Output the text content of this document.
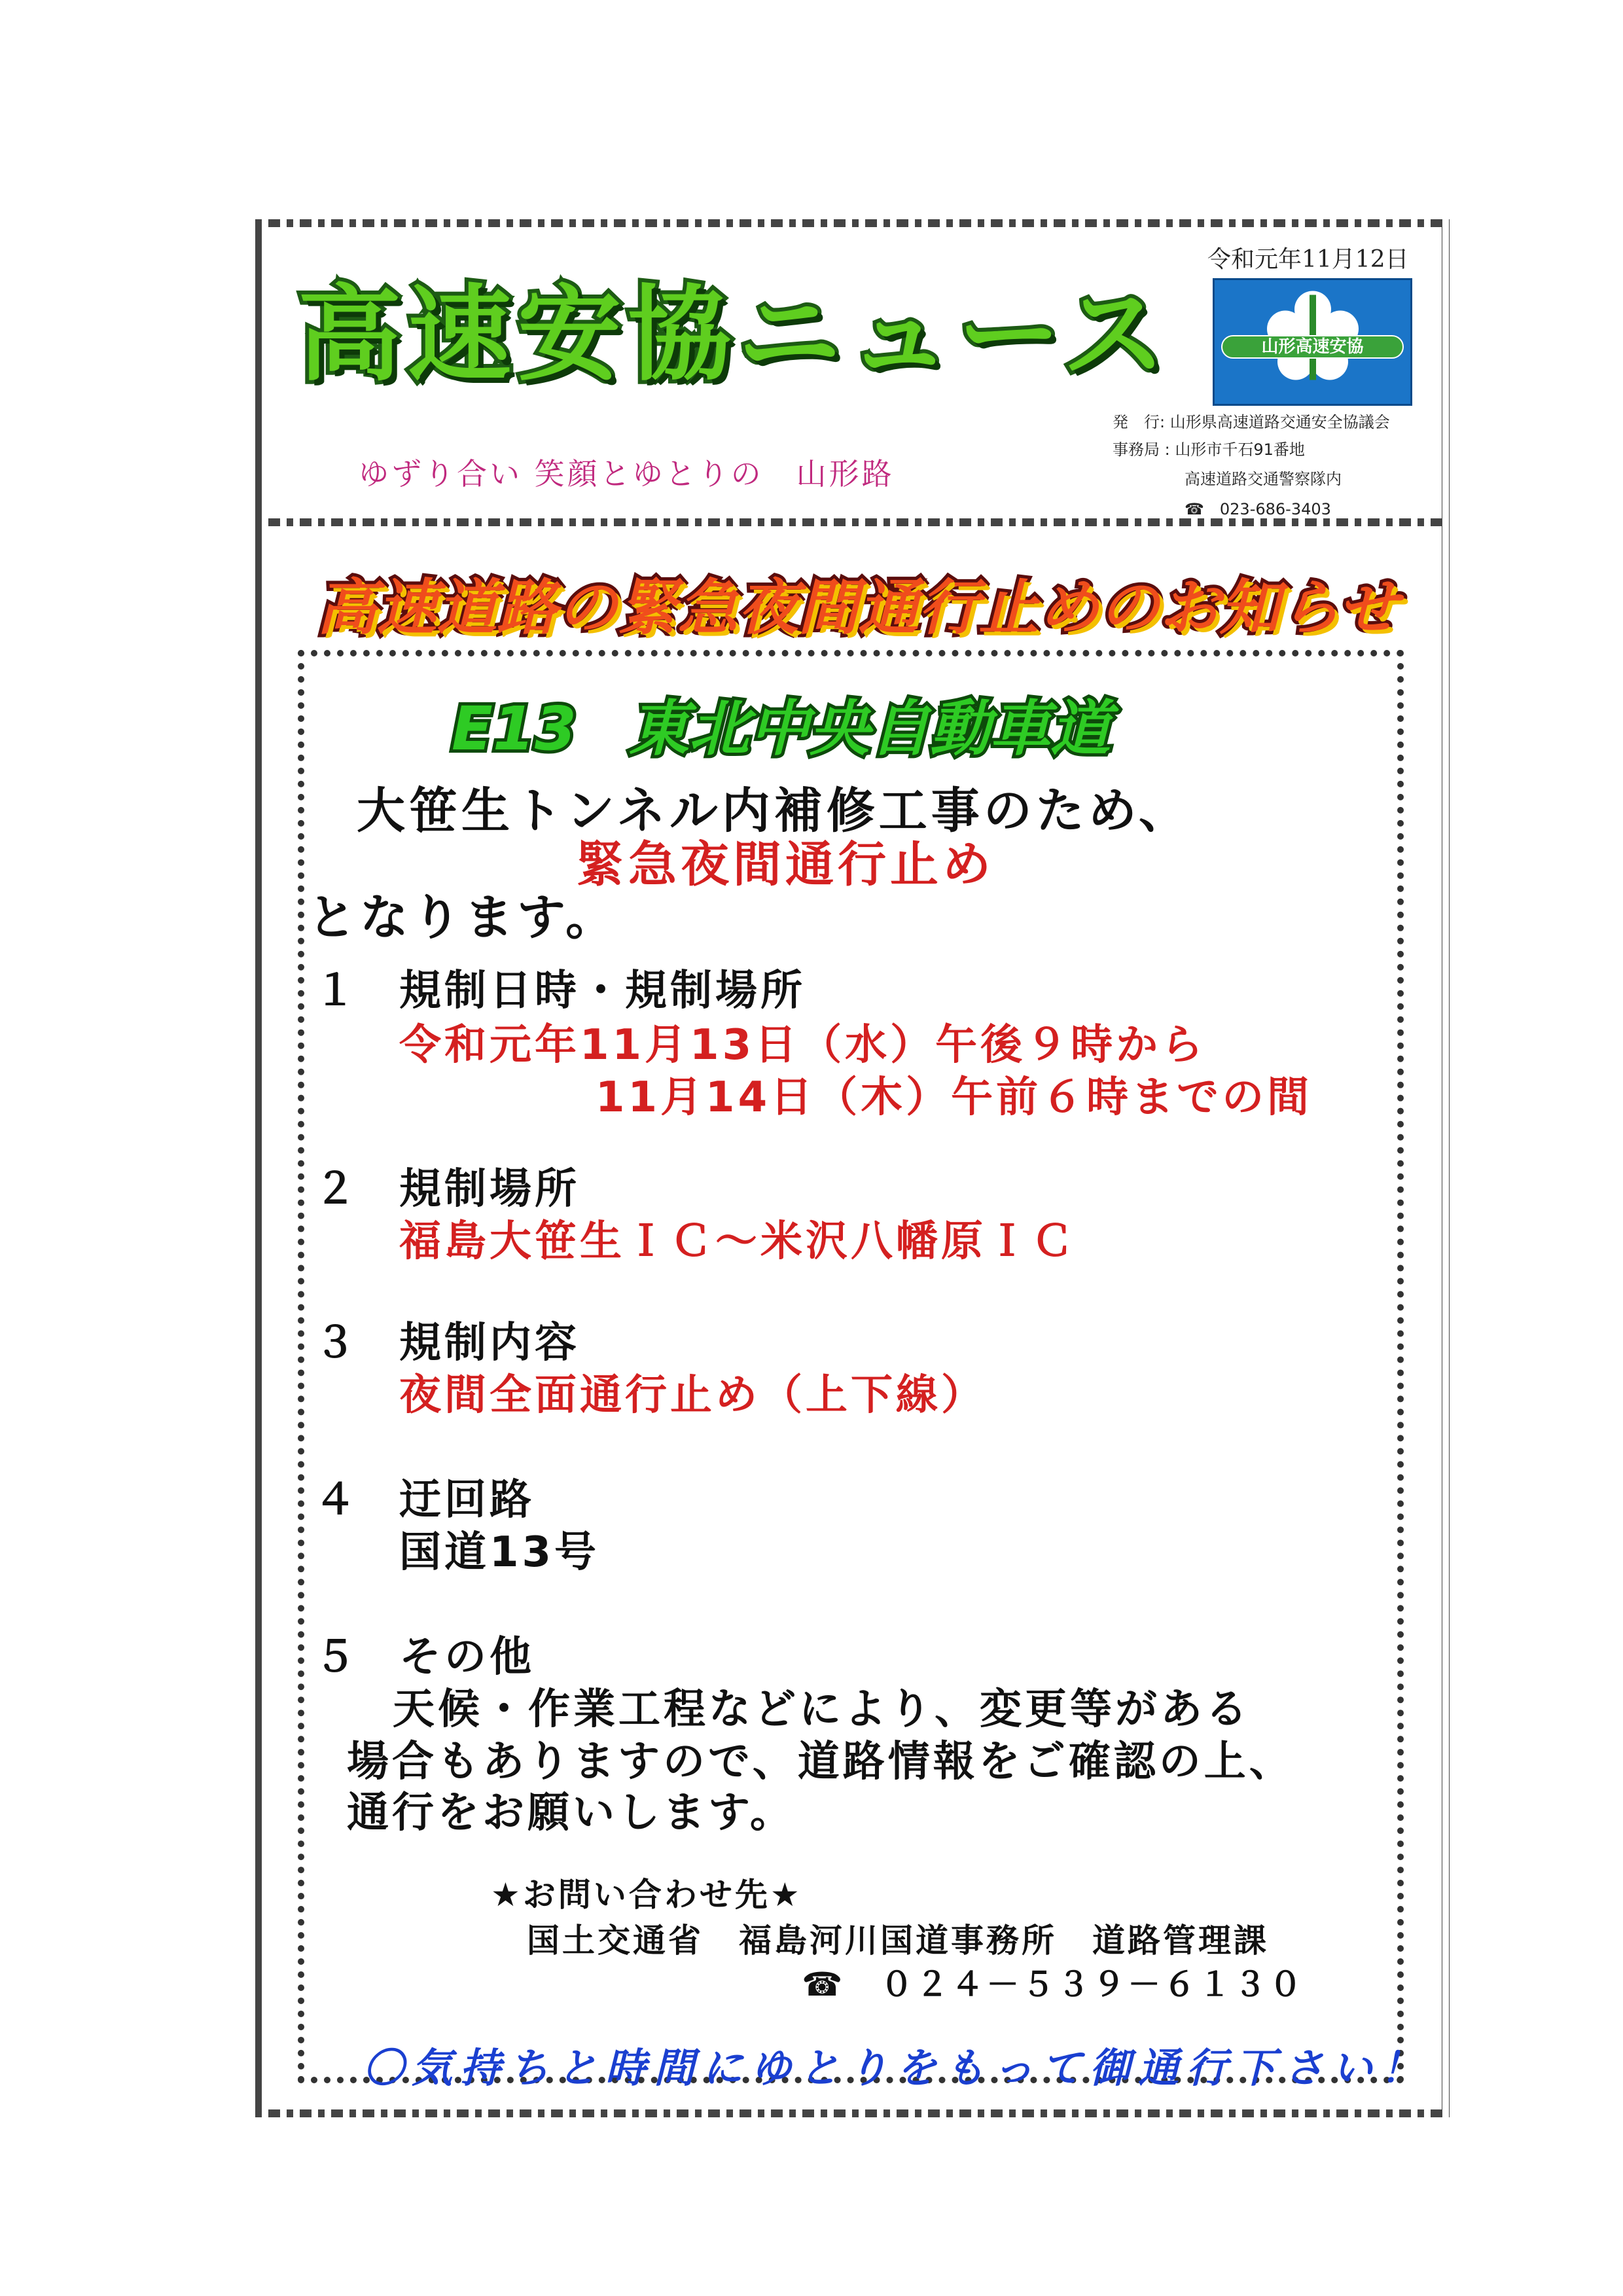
高速安協ニュース
令和元年11月12日
山形高速安協
発　行: 山形県高速道路交通安全協議会
事務局 : 山形市千石91番地
高速道路交通警察隊内
☎　023-686-3403
ゆずり合い 笑顔とゆとりの　山形路
高速道路の緊急夜間通行止めのお知らせ
E13 東北中央自動車道
大笹生トンネル内補修工事のため、
緊急夜間通行止め
となります。
１ 規制日時・規制場所
令和元年11月13日（水）午後９時から
11月14日（木）午前６時までの間
２ 規制場所
福島大笹生ＩＣ～米沢八幡原ＩＣ
３ 規制内容
夜間全面通行止め（上下線）
４ 迂回路
国道13号
５ その他
天候・作業工程などにより、変更等がある
場合もありますので、道路情報をご確認の上、
通行をお願いします。
★お問い合わせ先★
国土交通省　福島河川国道事務所　道路管理課
☎　０２４－５３９－６１３０
〇気持ちと時間にゆとりをもって御通行下さい！
